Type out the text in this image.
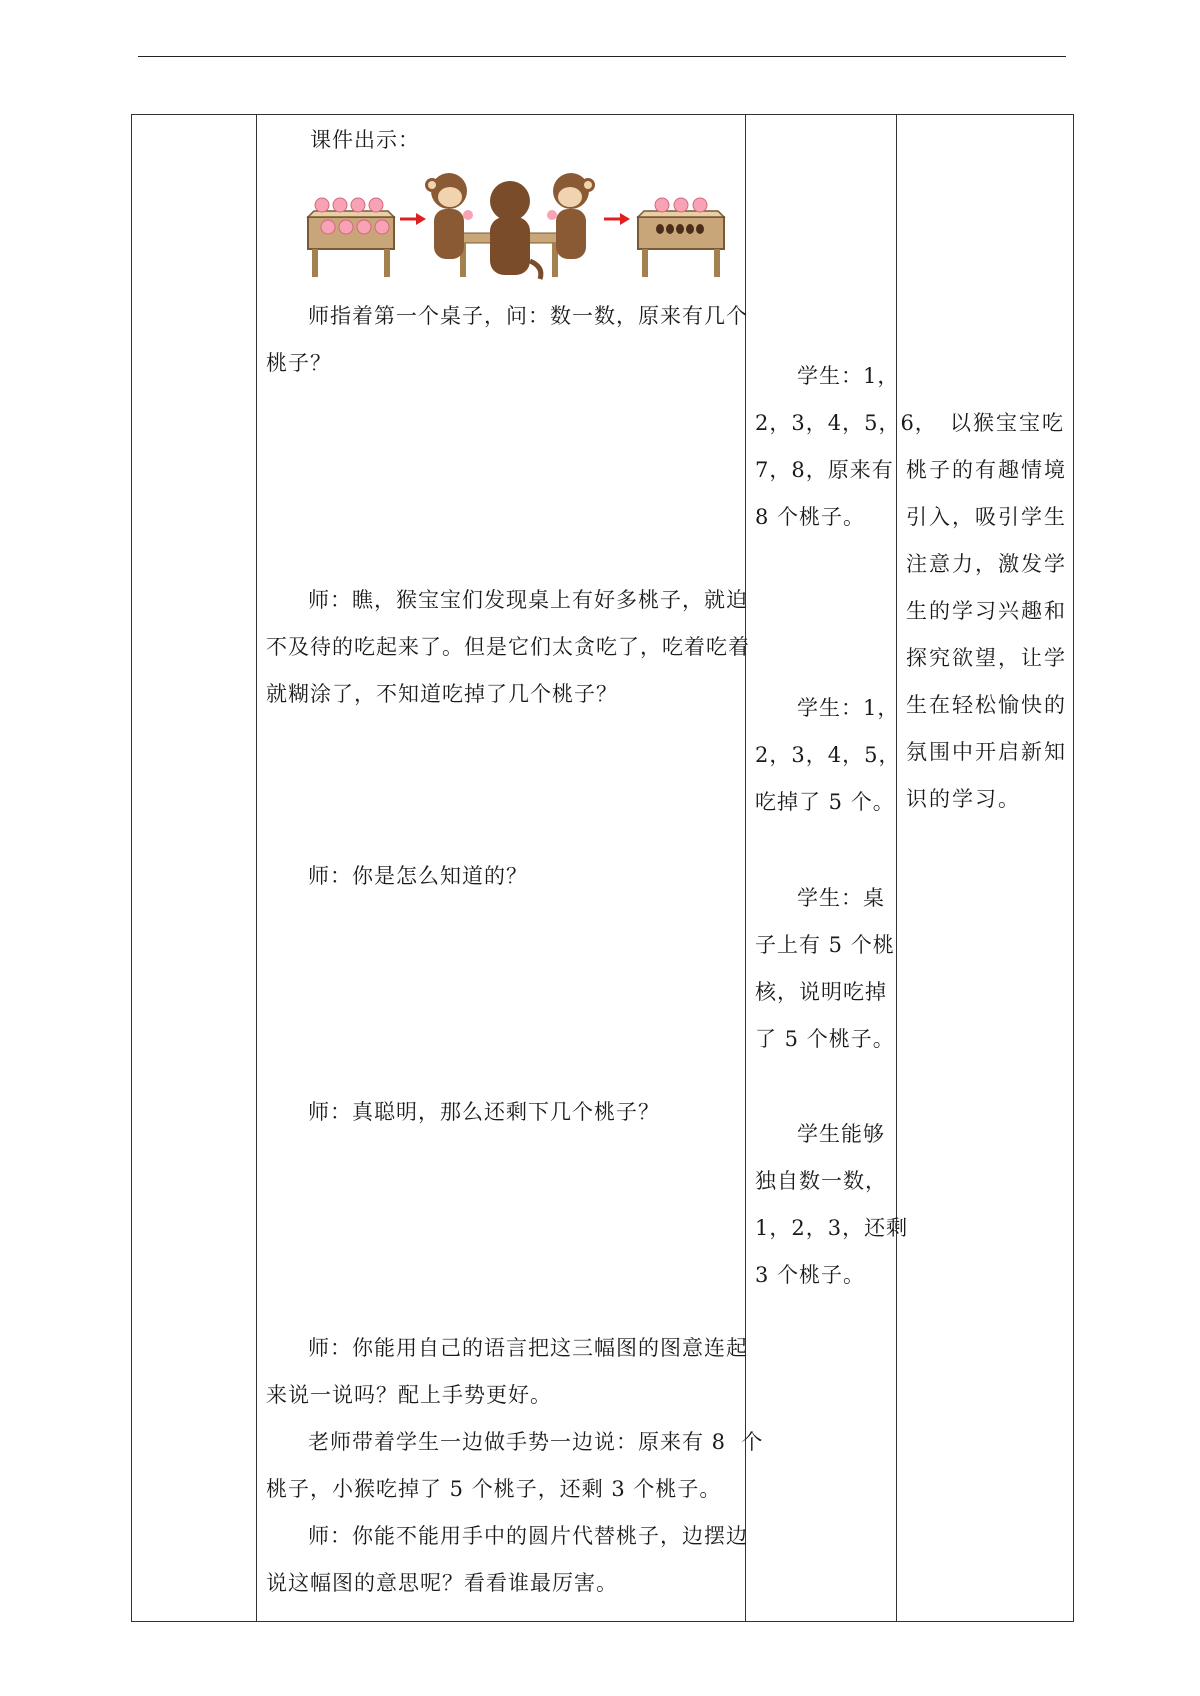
课件出示：
师指着第一个桌子，问：数一数，原来有几个
桃子？
师：瞧，猴宝宝们发现桌上有好多桃子，就迫
不及待的吃起来了。但是它们太贪吃了，吃着吃着
就糊涂了，不知道吃掉了几个桃子？
师：你是怎么知道的？
师：真聪明，那么还剩下几个桃子？
师：你能用自己的语言把这三幅图的图意连起
来说一说吗？配上手势更好。
老师带着学生一边做手势一边说：原来有 8  个
桃子，小猴吃掉了 5 个桃子，还剩 3 个桃子。
师：你能不能用手中的圆片代替桃子，边摆边
说这幅图的意思呢？看看谁最厉害。
学生：1，
2，3，4，5，6，
7，8，原来有
8 个桃子。
学生：1，
2，3，4，5，
吃掉了 5 个。
学生：桌
子上有 5 个桃
核，说明吃掉
了 5 个桃子。
学生能够
独自数一数，
1，2，3，还剩
3 个桃子。
以猴宝宝吃
桃子的有趣情境
引入，吸引学生
注意力，激发学
生的学习兴趣和
探究欲望，让学
生在轻松愉快的
氛围中开启新知
识的学习。
